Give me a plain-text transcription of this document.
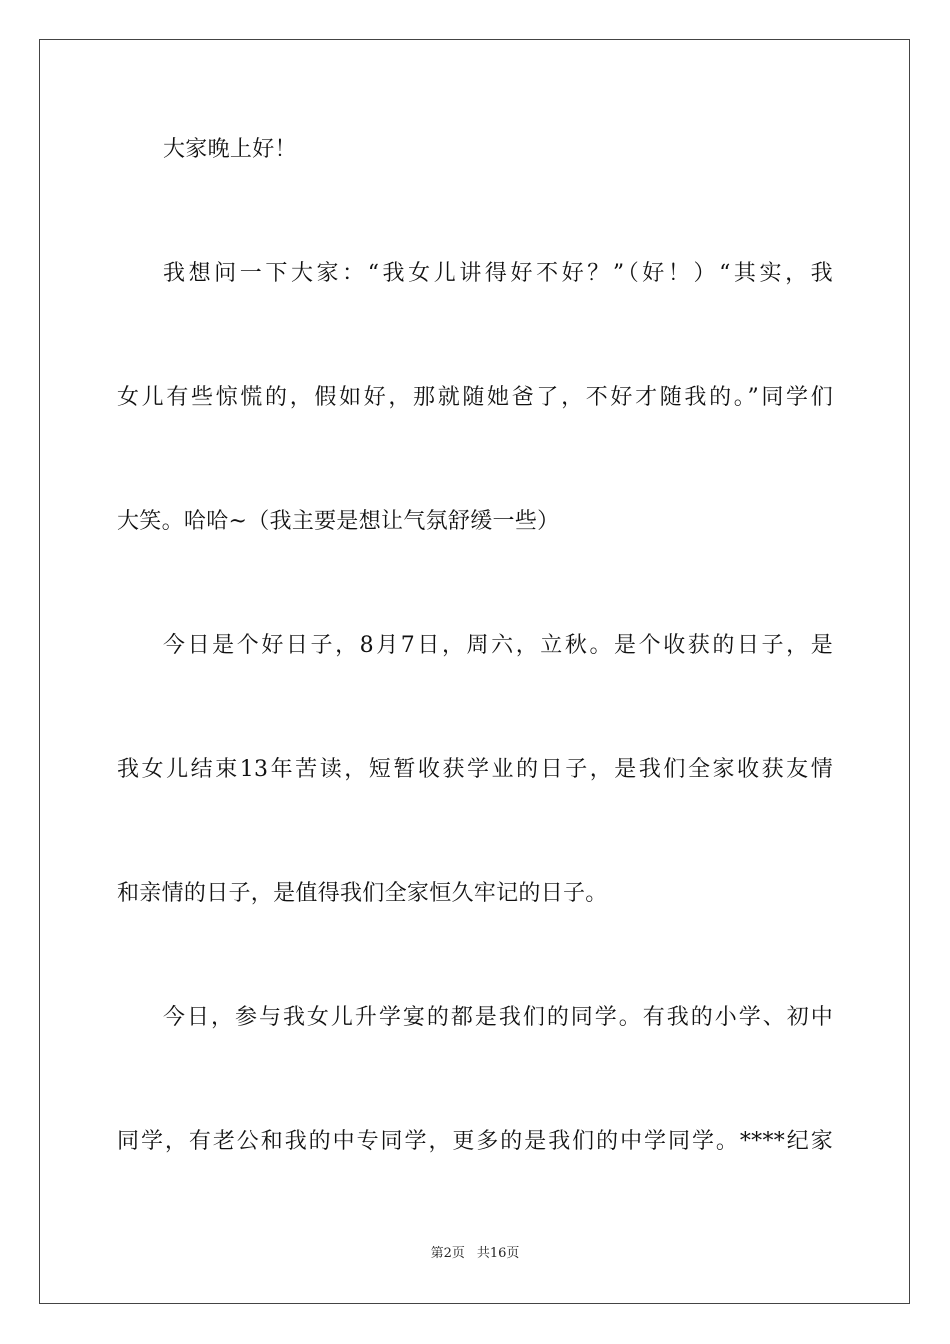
大家晚上好！
我想问一下大家：“我女儿讲得好不好？”（好！）“其实，我
女儿有些惊慌的，假如好，那就随她爸了，不好才随我的。”同学们
大笑。哈哈~（我主要是想让气氛舒缓一些）
今日是个好日子，8月7日，周六，立秋。是个收获的日子，是
我女儿结束13年苦读，短暂收获学业的日子，是我们全家收获友情
和亲情的日子，是值得我们全家恒久牢记的日子。
今日，参与我女儿升学宴的都是我们的同学。有我的小学、初中
同学，有老公和我的中专同学，更多的是我们的中学同学。****纪家
第2页 共16页
